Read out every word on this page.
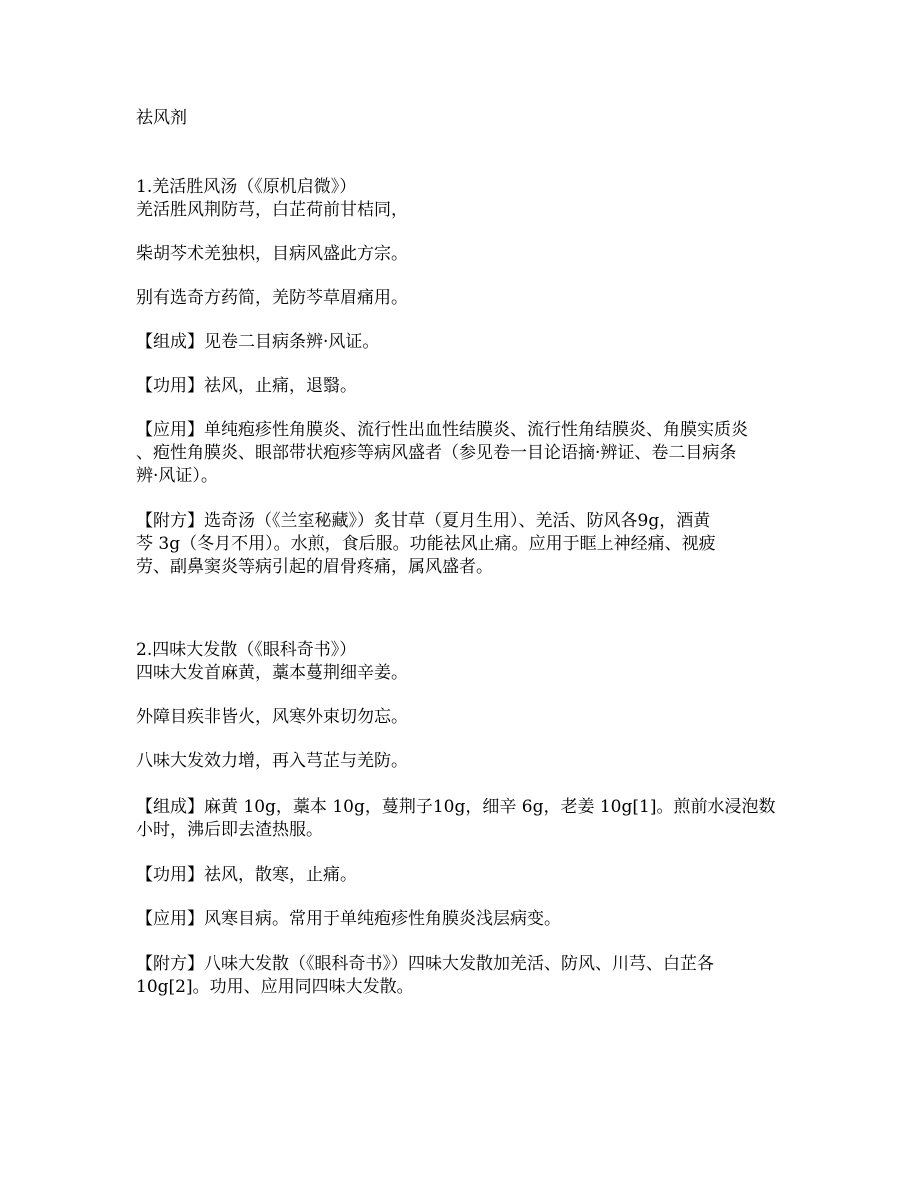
祛风剂
1.羌活胜风汤（《原机启微》）
羌活胜风荆防芎，白芷荷前甘桔同，
柴胡芩术羌独枳，目病风盛此方宗。
别有选奇方药简，羌防芩草眉痛用。
【组成】见卷二目病条辨·风证。
【功用】祛风，止痛，退翳。
【应用】单纯疱疹性角膜炎、流行性出血性结膜炎、流行性角结膜炎、角膜实质炎
、疱性角膜炎、眼部带状疱疹等病风盛者（参见卷一目论语摘·辨证、卷二目病条
辨·风证）。
【附方】选奇汤（《兰室秘藏》）炙甘草（夏月生用）、羌活、防风各9g，酒黄
芩 3g（冬月不用）。水煎，食后服。功能祛风止痛。应用于眶上神经痛、视疲
劳、副鼻窦炎等病引起的眉骨疼痛，属风盛者。
2.四味大发散（《眼科奇书》）
四味大发首麻黄，藁本蔓荆细辛姜。
外障目疾非皆火，风寒外束切勿忘。
八味大发效力增，再入芎芷与羌防。
【组成】麻黄 10g，藁本 10g，蔓荆子10g，细辛 6g，老姜 10g[1]。煎前水浸泡数
小时，沸后即去渣热服。
【功用】祛风，散寒，止痛。
【应用】风寒目病。常用于单纯疱疹性角膜炎浅层病变。
【附方】八味大发散（《眼科奇书》）四味大发散加羌活、防风、川芎、白芷各
10g[2]。功用、应用同四味大发散。
